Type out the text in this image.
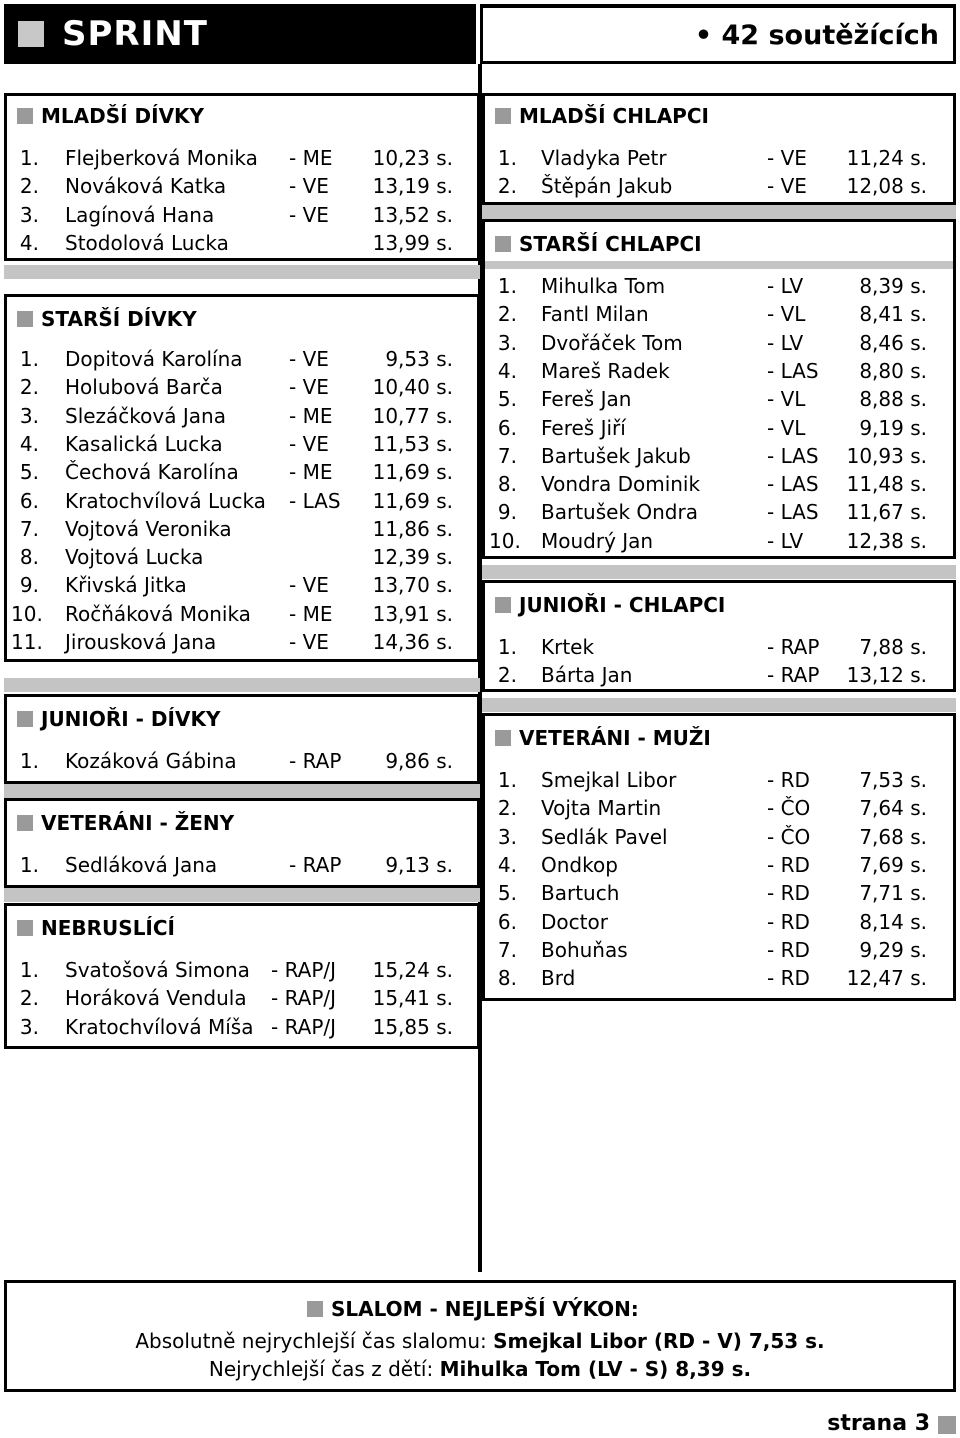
SPRINT	• 42 soutěžících
MLADŠÍ DÍVKY
1. Flejberková Monika - ME 10,23 s.
2. Nováková Katka	- VE 13,19 s.
3. Lagínová Hana	- VE 13,52 s.
4. Stodolová Lucka	13,99 s.
STARŠÍ DÍVKY
1. Dopitová Karolína - VE	9,53 s.
2. Holubová Barča	- VE 10,40 s.
3. Slezáčková Jana	- ME 10,77 s.
4. Kasalická Lucka	- VE 11,53 s.
5. Čechová Karolína	- ME 11,69 s.
6. Kratochvílová Lucka - LAS 11,69 s.
7. Vojtová Veronika	11,86 s.
8. Vojtová Lucka	12,39 s.
9. Křivská Jitka	- VE 13,70 s.
10. Ročňáková Monika - ME 13,91 s.
11. Jirousková Jana	- VE 14,36 s.
JUNIOŘI - DÍVKY
1. Kozáková Gábina	- RAP 9,86 s.
VETERÁNI - ŽENY
1. Sedláková Jana	- RAP 9,13 s.
NEBRUSLÍCÍ
1. Svatošová Simona - RAP/J 15,24 s.
2. Horáková Vendula - RAP/J 15,41 s.
3. Kratochvílová Míša - RAP/J 15,85 s.
MLADŠÍ CHLAPCI
1. Vladyka Petr	- VE 11,24 s.
2. Štěpán Jakub	- VE 12,08 s.
STARŠÍ CHLAPCI
1. Mihulka Tom	- LV	8,39 s.
2. Fantl Milan	- VL	8,41 s.
3. Dvořáček Tom	- LV	8,46 s.
4. Mareš Radek	- LAS 8,80 s.
5. Fereš Jan	- VL	8,88 s.
6. Fereš Jiří	- VL	9,19 s.
7. Bartušek Jakub	- LAS 10,93 s.
8. Vondra Dominik	- LAS 11,48 s.
9. Bartušek Ondra	- LAS 11,67 s.
10. Moudrý Jan	- LV 12,38 s.
JUNIOŘI - CHLAPCI
1. Krtek	- RAP 7,88 s.
2. Bárta Jan	- RAP 13,12 s.
VETERÁNI - MUŽI
1. Smejkal Libor	- RD 7,53 s.
2. Vojta Martin	- ČO 7,64 s.
3. Sedlák Pavel	- ČO 7,68 s.
4. Ondkop	- RD 7,69 s.
5. Bartuch	- RD 7,71 s.
6. Doctor	- RD 8,14 s.
7. Bohuňas	- RD 9,29 s.
8. Brd	- RD 12,47 s.
SLALOM - NEJLEPŠÍ VÝKON:
Absolutně nejrychlejší čas slalomu: Smejkal Libor (RD - V) 7,53 s.
Nejrychlejší čas z dětí: Mihulka Tom (LV - S) 8,39 s.
strana 3
